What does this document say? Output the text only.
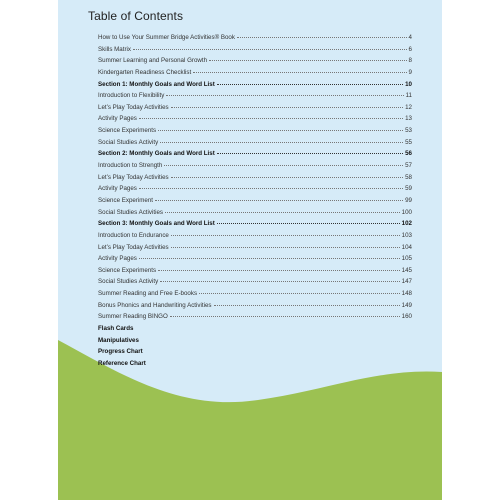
Table of Contents
How to Use Your Summer Bridge Activities® Book	4
Skills Matrix	6
Summer Learning and Personal Growth	8
Kindergarten Readiness Checklist	9
Section 1: Monthly Goals and Word List	10
Introduction to Flexibility	11
Let’s Play Today Activities	12
Activity Pages	13
Science Experiments	53
Social Studies Activity	55
Section 2: Monthly Goals and Word List	56
Introduction to Strength	57
Let’s Play Today Activities	58
Activity Pages	59
Science Experiment	99
Social Studies Activities	100
Section 3: Monthly Goals and Word List	102
Introduction to Endurance	103
Let’s Play Today Activities	104
Activity Pages	105
Science Experiments	145
Social Studies Activity	147
Summer Reading and Free E-books	148
Bonus Phonics and Handwriting Activities	149
Summer Reading BINGO	160
Flash Cards
Manipulatives
Progress Chart
Reference Chart
